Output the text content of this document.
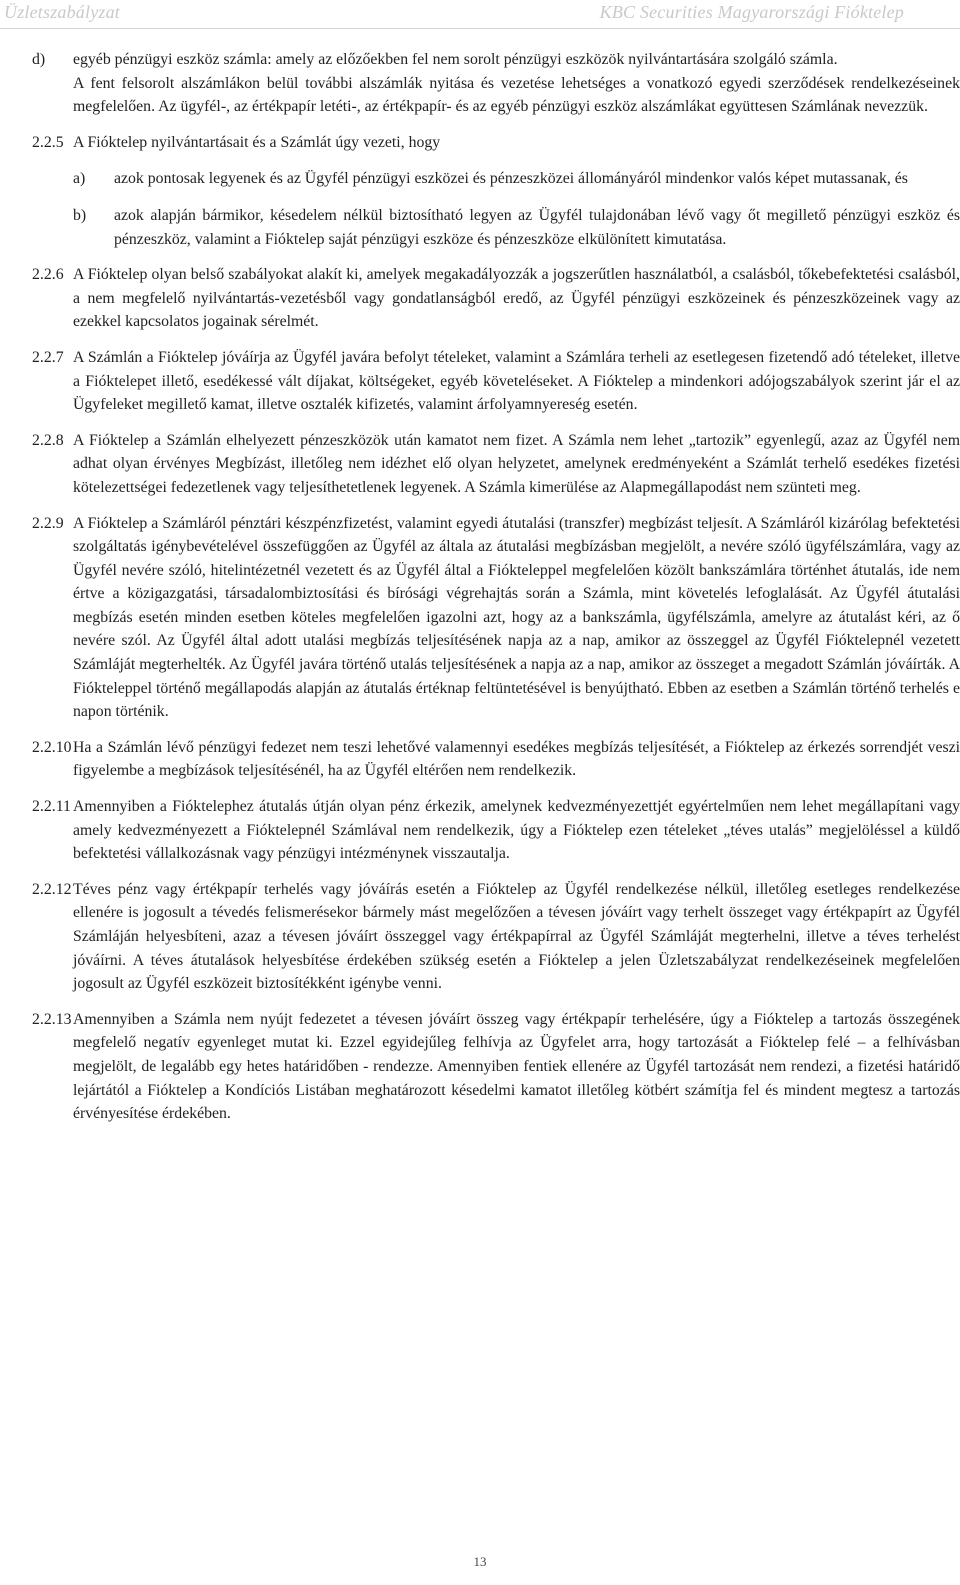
Üzletszabályzat	KBC Securities Magyarországi Fióktelep
d)	egyéb pénzügyi eszköz számla: amely az előzőekben fel nem sorolt pénzügyi eszközök nyilvántartására szolgáló számla.

A fent felsorolt alszámlákon belül további alszámlák nyitása és vezetése lehetséges a vonatkozó egyedi szerződések rendelkezéseinek megfelelően. Az ügyfél-, az értékpapír letéti-, az értékpapír- és az egyéb pénzügyi eszköz alszámlákat együttesen Számlának nevezzük.

2.2.5 A Fióktelep nyilvántartásait és a Számlát úgy vezeti, hogy

a)	azok pontosak legyenek és az Ügyfél pénzügyi eszközei és pénzeszközei állományáról mindenkor valós képet mutassanak, és

b)	azok alapján bármikor, késedelem nélkül biztosítható legyen az Ügyfél tulajdonában lévő vagy őt megillető pénzügyi eszköz és pénzeszköz, valamint a Fióktelep saját pénzügyi eszköze és pénzeszköze elkülönített kimutatása.

2.2.6 A Fióktelep olyan belső szabályokat alakít ki, amelyek megakadályozzák a jogszerűtlen használatból, a csalásból, tőkebefektetési csalásból, a nem megfelelő nyilvántartás-vezetésből vagy gondatlanságból eredő, az Ügyfél pénzügyi eszközeinek és pénzeszközeinek vagy az ezekkel kapcsolatos jogainak sérelmét.

2.2.7 A Számlán a Fióktelep jóváírja az Ügyfél javára befolyt tételeket, valamint a Számlára terheli az esetlegesen fizetendő adó tételeket, illetve a Fióktelepet illető, esedékessé vált díjakat, költségeket, egyéb követeléseket. A Fióktelep a mindenkori adójogszabályok szerint jár el az Ügyfeleket megillető kamat, illetve osztalék kifizetés, valamint árfolyamnyereség esetén.

2.2.8 A Fióktelep a Számlán elhelyezett pénzeszközök után kamatot nem fizet. A Számla nem lehet „tartozik” egyenlegű, azaz az Ügyfél nem adhat olyan érvényes Megbízást, illetőleg nem idézhet elő olyan helyzetet, amelynek eredményeként a Számlát terhelő esedékes fizetési kötelezettségei fedezetlenek vagy teljesíthetetlenek legyenek. A Számla kimerülése az Alapmegállapodást nem szünteti meg.

2.2.9 A Fióktelep a Számláról pénztári készpénzfizetést, valamint egyedi átutalási (transzfer) megbízást teljesít. A Számláról kizárólag befektetési szolgáltatás igénybevételével összefüggően az Ügyfél az általa az átutalási megbízásban megjelölt, a nevére szóló ügyfélszámlára, vagy az Ügyfél nevére szóló, hitelintézetnél vezetett és az Ügyfél által a Fiókteleppel megfelelően közölt bankszámlára történhet átutalás, ide nem értve a közigazgatási, társadalombiztosítási és bírósági végrehajtás során a Számla, mint követelés lefoglalását. Az Ügyfél átutalási megbízás esetén minden esetben köteles megfelelően igazolni azt, hogy az a bankszámla, ügyfélszámla, amelyre az átutalást kéri, az ő nevére szól. Az Ügyfél által adott utalási megbízás teljesítésének napja az a nap, amikor az összeggel az Ügyfél Fióktelepnél vezetett Számláját megterhelték. Az Ügyfél javára történő utalás teljesítésének a napja az a nap, amikor az összeget a megadott Számlán jóváírták. A Fiókteleppel történő megállapodás alapján az átutalás értéknap feltüntetésével is benyújtható. Ebben az esetben a Számlán történő terhelés e napon történik.

2.2.10 Ha a Számlán lévő pénzügyi fedezet nem teszi lehetővé valamennyi esedékes megbízás teljesítését, a Fióktelep az érkezés sorrendjét veszi figyelembe a megbízások teljesítésénél, ha az Ügyfél eltérően nem rendelkezik.

2.2.11 Amennyiben a Fióktelephez átutalás útján olyan pénz érkezik, amelynek kedvezményezettjét egyértelműen nem lehet megállapítani vagy amely kedvezményezett a Fióktelepnél Számlával nem rendelkezik, úgy a Fióktelep ezen tételeket „téves utalás” megjelöléssel a küldő befektetési vállalkozásnak vagy pénzügyi intézménynek visszautalja.

2.2.12 Téves pénz vagy értékpapír terhelés vagy jóváírás esetén a Fióktelep az Ügyfél rendelkezése nélkül, illetőleg esetleges rendelkezése ellenére is jogosult a tévedés felismerésekor bármely mást megelőzően a tévesen jóváírt vagy terhelt összeget vagy értékpapírt az Ügyfél Számláján helyesbíteni, azaz a tévesen jóváírt összeggel vagy értékpapírral az Ügyfél Számláját megterhelni, illetve a téves terhelést jóváírni. A téves átutalások helyesbítése érdekében szükség esetén a Fióktelep a jelen Üzletszabályzat rendelkezéseinek megfelelően jogosult az Ügyfél eszközeit biztosítékként igénybe venni.

2.2.13 Amennyiben a Számla nem nyújt fedezetet a tévesen jóváírt összeg vagy értékpapír terhelésére, úgy a Fióktelep a tartozás összegének megfelelő negatív egyenleget mutat ki. Ezzel egyidejűleg felhívja az Ügyfelet arra, hogy tartozását a Fióktelep felé – a felhívásban megjelölt, de legalább egy hetes határidőben - rendezze. Amennyiben fentiek ellenére az Ügyfél tartozását nem rendezi, a fizetési határidő lejártától a Fióktelep a Kondíciós Listában meghatározott késedelmi kamatot illetőleg kötbért számítja fel és mindent megtesz a tartozás érvényesítése érdekében.

13
